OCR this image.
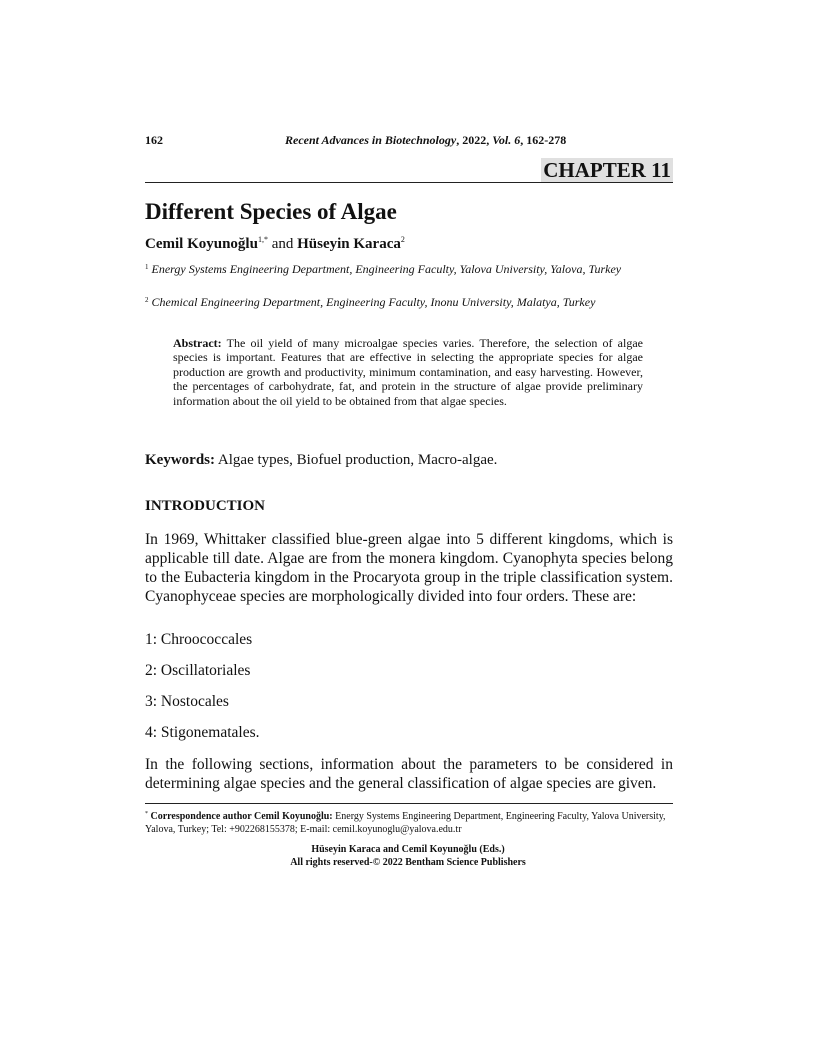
162	Recent Advances in Biotechnology, 2022, Vol. 6, 162-278
CHAPTER 11
Different Species of Algae
Cemil Koyunoğlu$^{1,*}$ and Hüseyin Karaca$^2$
$^1$ Energy Systems Engineering Department, Engineering Faculty, Yalova University, Yalova, Turkey
$^2$ Chemical Engineering Department, Engineering Faculty, Inonu University, Malatya, Turkey
Abstract: The oil yield of many microalgae species varies. Therefore, the selection of algae species is important. Features that are effective in selecting the appropriate species for algae production are growth and productivity, minimum contamination, and easy harvesting. However, the percentages of carbohydrate, fat, and protein in the structure of algae provide preliminary information about the oil yield to be obtained from that algae species.
Keywords: Algae types, Biofuel production, Macro-algae.
INTRODUCTION
In 1969, Whittaker classified blue-green algae into 5 different kingdoms, which is applicable till date. Algae are from the monera kingdom. Cyanophyta species belong to the Eubacteria kingdom in the Procaryota group in the triple classification system. Cyanophyceae species are morphologically divided into four orders. These are:
1: Chroococcales
2: Oscillatoriales
3: Nostocales
4: Stigonematales.
In the following sections, information about the parameters to be considered in determining algae species and the general classification of algae species are given.
* Correspondence author Cemil Koyunoğlu: Energy Systems Engineering Department, Engineering Faculty, Yalova University, Yalova, Turkey; Tel: +902268155378; E-mail: cemil.koyunoglu@yalova.edu.tr
Hüseyin Karaca and Cemil Koyunoğlu (Eds.)
All rights reserved-© 2022 Bentham Science Publishers
